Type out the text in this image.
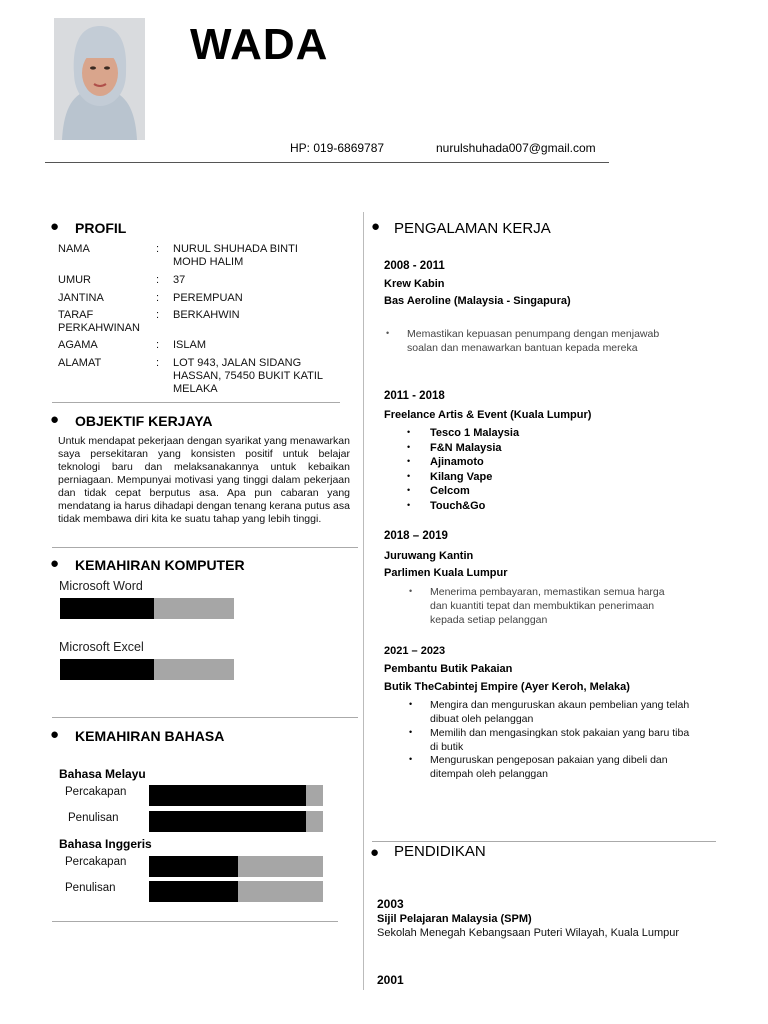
WADA
HP: 019-6869787	nurulshuhada007@gmail.com
● PROFIL
NAMA	: NURUL SHUHADA BINTI MOHD HALIM
UMUR	: 37
JANTINA	: PEREMPUAN
TARAF PERKAHWINAN
: BERKAHWIN
AGAMA	: ISLAM
ALAMAT	: LOT 943, JALAN SIDANG HASSAN, 75450 BUKIT KATIL MELAKA
● OBJEKTIF KERJAYA
Untuk mendapat pekerjaan dengan syarikat yang menawarkan saya persekitaran yang konsisten positif untuk belajar teknologi baru dan melaksanakannya untuk kebaikan perniagaan. Mempunyai motivasi yang tinggi dalam pekerjaan dan tidak cepat berputus asa. Apa pun cabaran yang mendatang ia harus dihadapi dengan tenang kerana putus asa tidak membawa diri kita ke suatu tahap yang lebih tinggi.
● KEMAHIRAN KOMPUTER
Microsoft Word
Microsoft Excel
● KEMAHIRAN BAHASA
Bahasa Melayu
Percakapan
Penulisan
Bahasa Inggeris
Percakapan
Penulisan
● PENGALAMAN KERJA
2008 - 2011
Krew Kabin
Bas Aeroline (Malaysia - Singapura)
• Memastikan kepuasan penumpang dengan menjawab soalan dan menawarkan bantuan kepada mereka
2011 - 2018
Freelance Artis & Event (Kuala Lumpur)
• Tesco 1 Malaysia
• F&N Malaysia
• Ajinamoto
• Kilang Vape
• Celcom
• Touch&Go
2018 – 2019
Juruwang Kantin
Parlimen Kuala Lumpur
• Menerima pembayaran, memastikan semua harga dan kuantiti tepat dan membuktikan penerimaan kepada setiap pelanggan
2021 – 2023
Pembantu Butik Pakaian
Butik TheCabintej Empire (Ayer Keroh, Melaka)
• Mengira dan menguruskan akaun pembelian yang telah dibuat oleh pelanggan
• Memilih dan mengasingkan stok pakaian yang baru tiba di butik
• Menguruskan pengeposan pakaian yang dibeli dan ditempah oleh pelanggan
● PENDIDIKAN
2003
Sijil Pelajaran Malaysia (SPM)
Sekolah Menegah Kebangsaan Puteri Wilayah, Kuala Lumpur
2001
